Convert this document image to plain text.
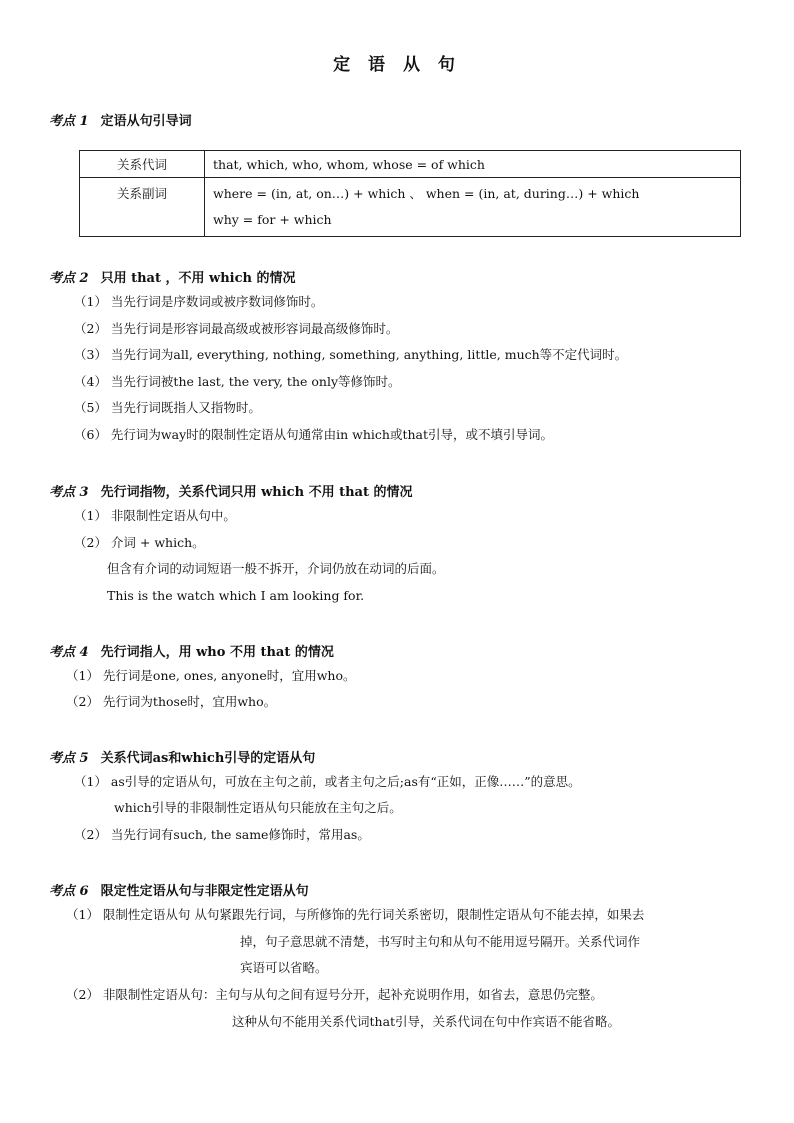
定 语 从 句
考点 1 定语从句引导词
关系代词	that, which, who, whom, whose = of which
关系副词	where = (in, at, on…) + which 、 when = (in, at, during…) + which
why = for + which
考点 2 只用 that ，不用 which 的情况
（1） 当先行词是序数词或被序数词修饰时。
（2） 当先行词是形容词最高级或被形容词最高级修饰时。
（3） 当先行词为all, everything, nothing, something, anything, little, much等不定代词时。
（4） 当先行词被the last, the very, the only等修饰时。
（5） 当先行词既指人又指物时。
（6） 先行词为way时的限制性定语从句通常由in which或that引导，或不填引导词。
考点 3 先行词指物，关系代词只用 which 不用 that 的情况
（1） 非限制性定语从句中。
（2） 介词 + which。
但含有介词的动词短语一般不拆开，介词仍放在动词的后面。
This is the watch which I am looking for.
考点 4 先行词指人，用 who 不用 that 的情况
（1） 先行词是one, ones, anyone时，宜用who。
（2） 先行词为those时，宜用who。
考点 5 关系代词as和which引导的定语从句
（1） as引导的定语从句，可放在主句之前，或者主句之后;as有“正如，正像……”的意思。
which引导的非限制性定语从句只能放在主句之后。
（2） 当先行词有such, the same修饰时，常用as。
考点 6 限定性定语从句与非限定性定语从句
（1） 限制性定语从句 从句紧跟先行词，与所修饰的先行词关系密切，限制性定语从句不能去掉，如果去
掉，句子意思就不清楚，书写时主句和从句不能用逗号隔开。关系代词作
宾语可以省略。
（2） 非限制性定语从句：主句与从句之间有逗号分开，起补充说明作用，如省去，意思仍完整。
这种从句不能用关系代词that引导，关系代词在句中作宾语不能省略。
